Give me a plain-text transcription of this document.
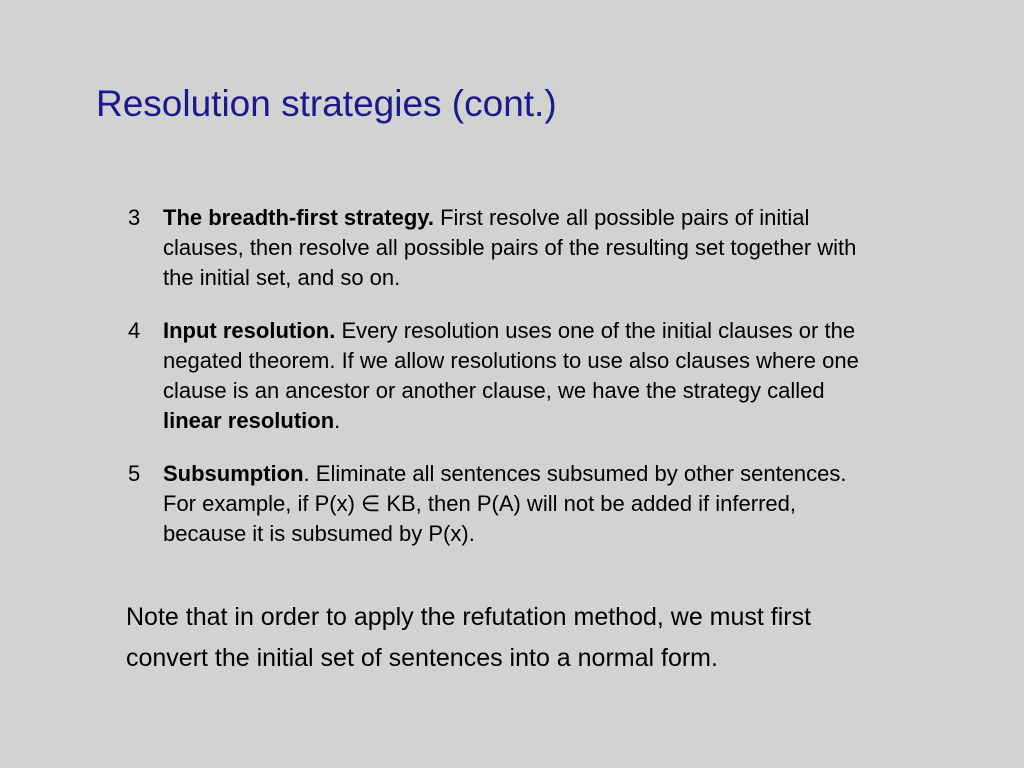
Resolution strategies (cont.)
3 The breadth-first strategy. First resolve all possible pairs of initial
clauses, then resolve all possible pairs of the resulting set together with
the initial set, and so on.
4 Input resolution. Every resolution uses one of the initial clauses or the
negated theorem. If we allow resolutions to use also clauses where one
clause is an ancestor or another clause, we have the strategy called
linear resolution.
5 Subsumption. Eliminate all sentences subsumed by other sentences.
For example, if P(x) ∈ KB, then P(A) will not be added if inferred,
because it is subsumed by P(x).
Note that in order to apply the refutation method, we must first
convert the initial set of sentences into a normal form.
